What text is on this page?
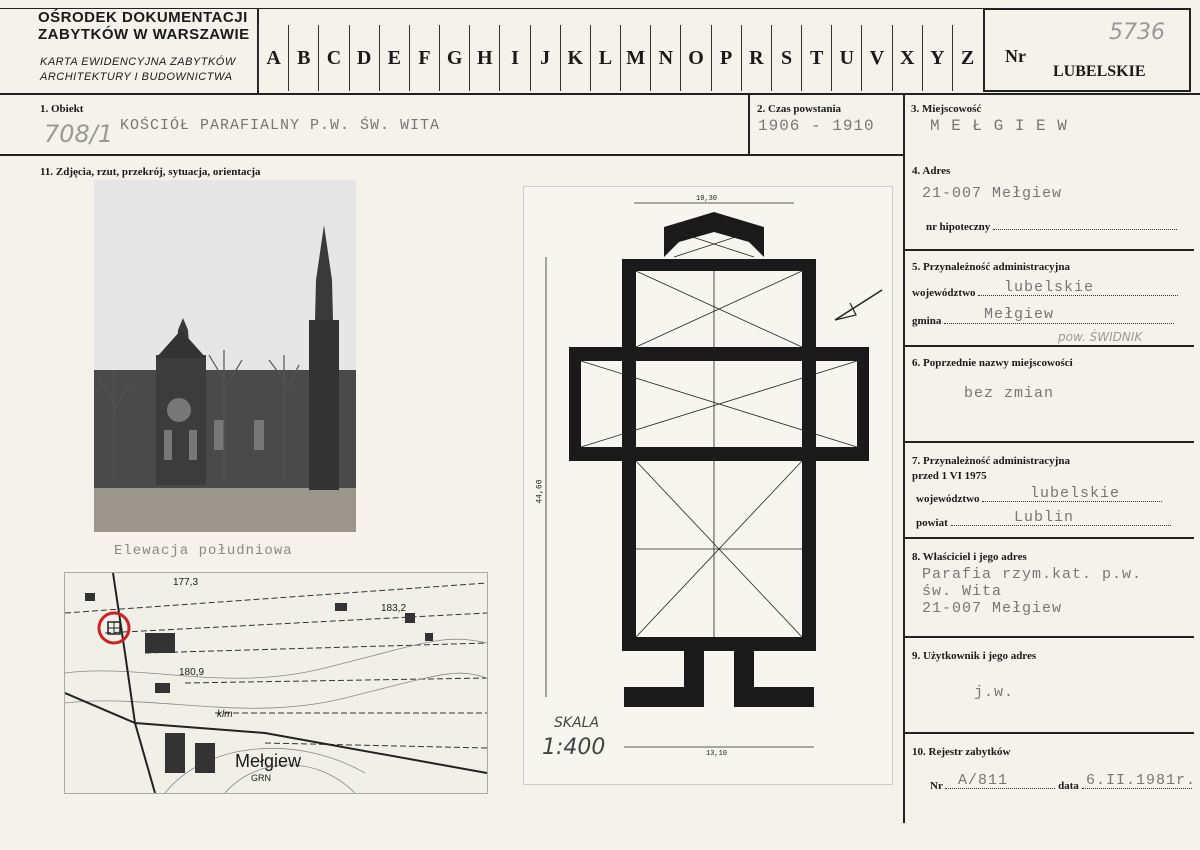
OŚRODEK DOKUMENTACJI
ZABYTKÓW W WARSZAWIE
KARTA EWIDENCYJNA ZABYTKÓW
ARCHITEKTURY I BUDOWNICTWA
A B C D E F G H I	J K L M N O P R S T U V X Y Z	Nr
5736
LUBELSKIE
1. Obiekt
708/1 KOŚCIÓŁ PARAFIALNY P.W. ŚW. WITA
2. Czas powstania
1906 - 1910
3. Miejscowość
M E Ł G I E W
11. Zdjęcia, rzut, przekrój, sytuacja, orientacja	4. Adres
21-007 Mełgiew
nr hipoteczny
5. Przynależność administracyjna
województwo	lubelskie
gmina	Mełgiew
pow. ŚWIDNIK
6. Poprzednie nazwy miejscowości
bez zmian
7. Przynależność administracyjna
przed 1 VI 1975
województwo	lubelskie
powiat	Lublin
8. Właściciel i jego adres
Parafia rzym.kat. p.w.
św. Wita
21-007 Mełgiew
9. Użytkownik i jego adres
j.w.
10. Rejestr zabytków
Nr	data
A/811	6.II.1981r.
Elewacja południowa
177,3
183,2
180,9
klm
Mełgiew
GRN
10,30
44,60
13,10
SKALA
1:400
